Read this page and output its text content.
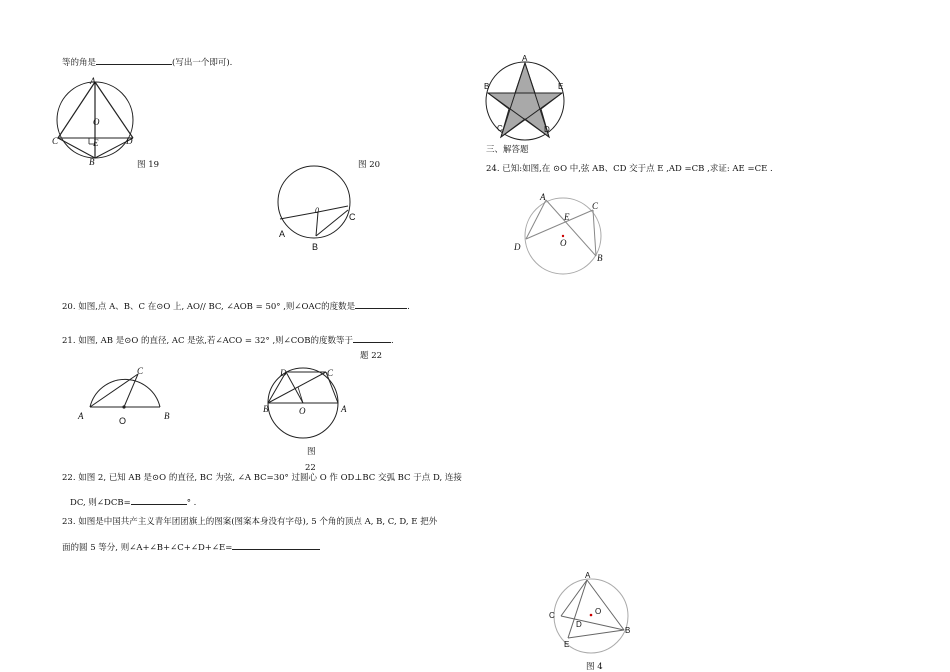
等的角是	(写出一个即可).
A
O
C	E	D
B	图 19	图 20
0
C
A
B
A
B	E
C	D
三、解答题
24. 已知:如图,在 ⊙O 中,弦 AB、CD 交于点 E ,AD =CB ,求证: AE =CE .
A
C
E
O
D
B
20. 如图,点 A、B、C 在⊙O 上, AO// BC, ∠AOB = 50° ,则∠OAC的度数是	.
21. 如图, AB 是⊙O 的直径, AC 是弦,若∠ACO = 32° ,则∠COB的度数等于	.
题 22
C
A	O	B
D	C
B	O	A
图
22
22. 如图 2, 已知 AB 是⊙O 的直径, BC 为弦, ∠A BC=30° 过圆心 O 作 OD⊥BC 交弧 BC 于点 D, 连接
DC, 则∠DCB=	° .
23. 如图是中国共产主义青年团团旗上的图案(图案本身没有字母), 5 个角的顶点 A, B, C, D, E 把外
面的圆 5 等分, 则∠A+∠B+∠C+∠D+∠E=
A
C	O
D
B
E
图 4
